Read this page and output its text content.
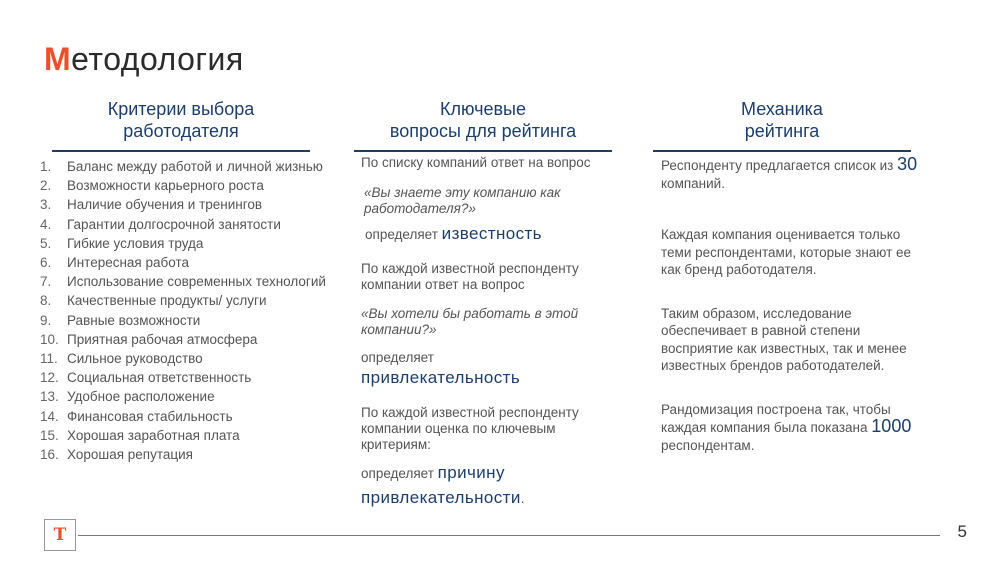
Методология
Критерии выбора
работодателя
Ключевые
вопросы для рейтинга
Механика
рейтинга
1.	Баланс между работой и личной жизнью
2.	Возможности карьерного роста
3.	Наличие обучения и тренингов
4.	Гарантии долгосрочной занятости
5.	Гибкие условия труда
6.	Интересная работа
7.	Использование современных технологий
8.	Качественные продукты/ услуги
9.	Равные возможности
10. Приятная рабочая атмосфера
11. Сильное руководство
12. Социальная ответственность
13. Удобное расположение
14. Финансовая стабильность
15. Хорошая заработная плата
16. Хорошая репутация

По списку компаний ответ на вопрос

«Вы знаете эту компанию как работодателя?»

определяет известность

По каждой известной респонденту компании ответ на вопрос

«Вы хотели бы работать в этой компании?»

определяет

привлекательность

По каждой известной респонденту компании оценка по ключевым критериям:

определяет причину

привлекательности.

Респонденту предлагается список из 30 компаний.

Каждая компания оценивается только теми респондентами, которые знают ее как бренд работодателя.

Таким образом, исследование обеспечивает в равной степени восприятие как известных, так и менее известных брендов работодателей.

Рандомизация построена так, чтобы каждая компания была показана 1000 респондентам.

T	5
